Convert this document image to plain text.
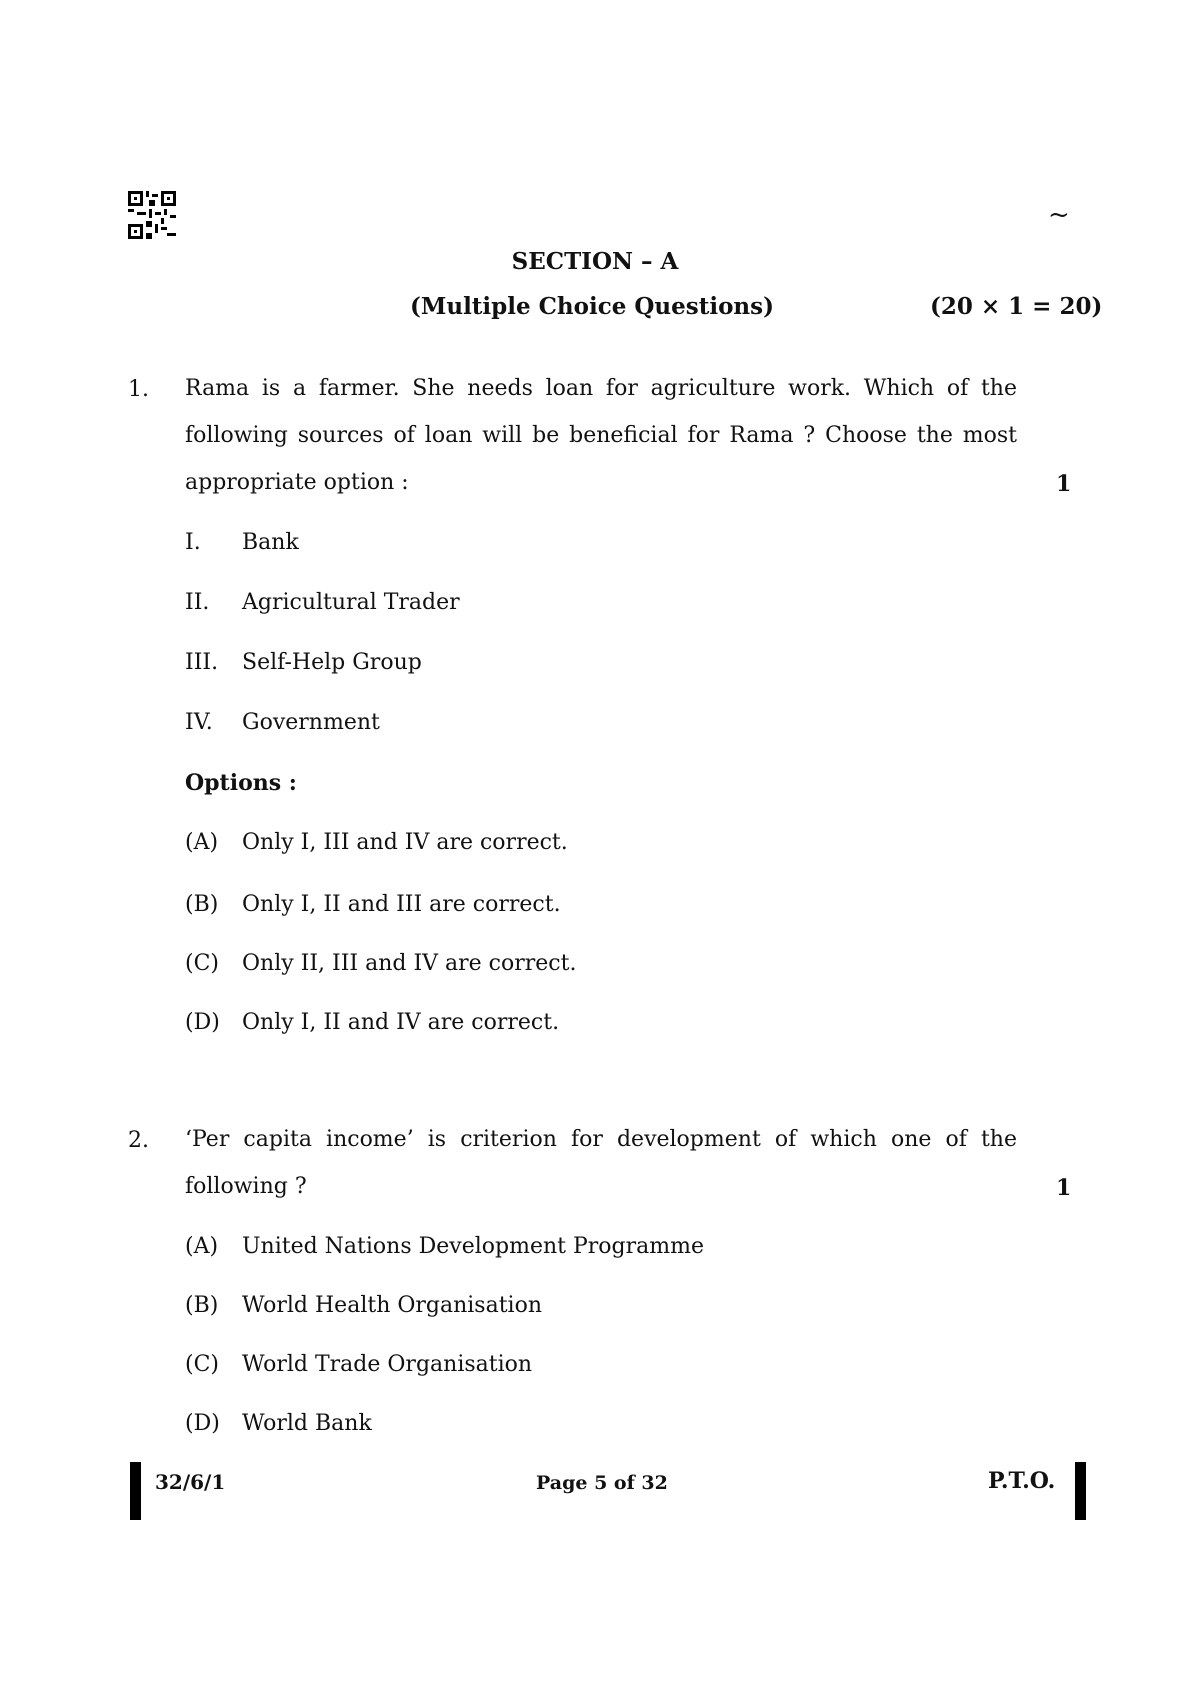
~
SECTION – A
(Multiple Choice Questions)	(20 × 1 = 20)
1. Rama is a farmer. She needs loan for agriculture work. Which of the following sources of loan will be beneficial for Rama ? Choose the most appropriate option :	1
I. Bank
II. Agricultural Trader
III. Self-Help Group
IV. Government
Options :
(A) Only I, III and IV are correct.
(B) Only I, II and III are correct.
(C) Only II, III and IV are correct.
(D) Only I, II and IV are correct.
2. ‘Per capita income’ is criterion for development of which one of the following ?	1
(A) United Nations Development Programme
(B) World Health Organisation
(C) World Trade Organisation
(D) World Bank
32/6/1	Page 5 of 32	P.T.O.
